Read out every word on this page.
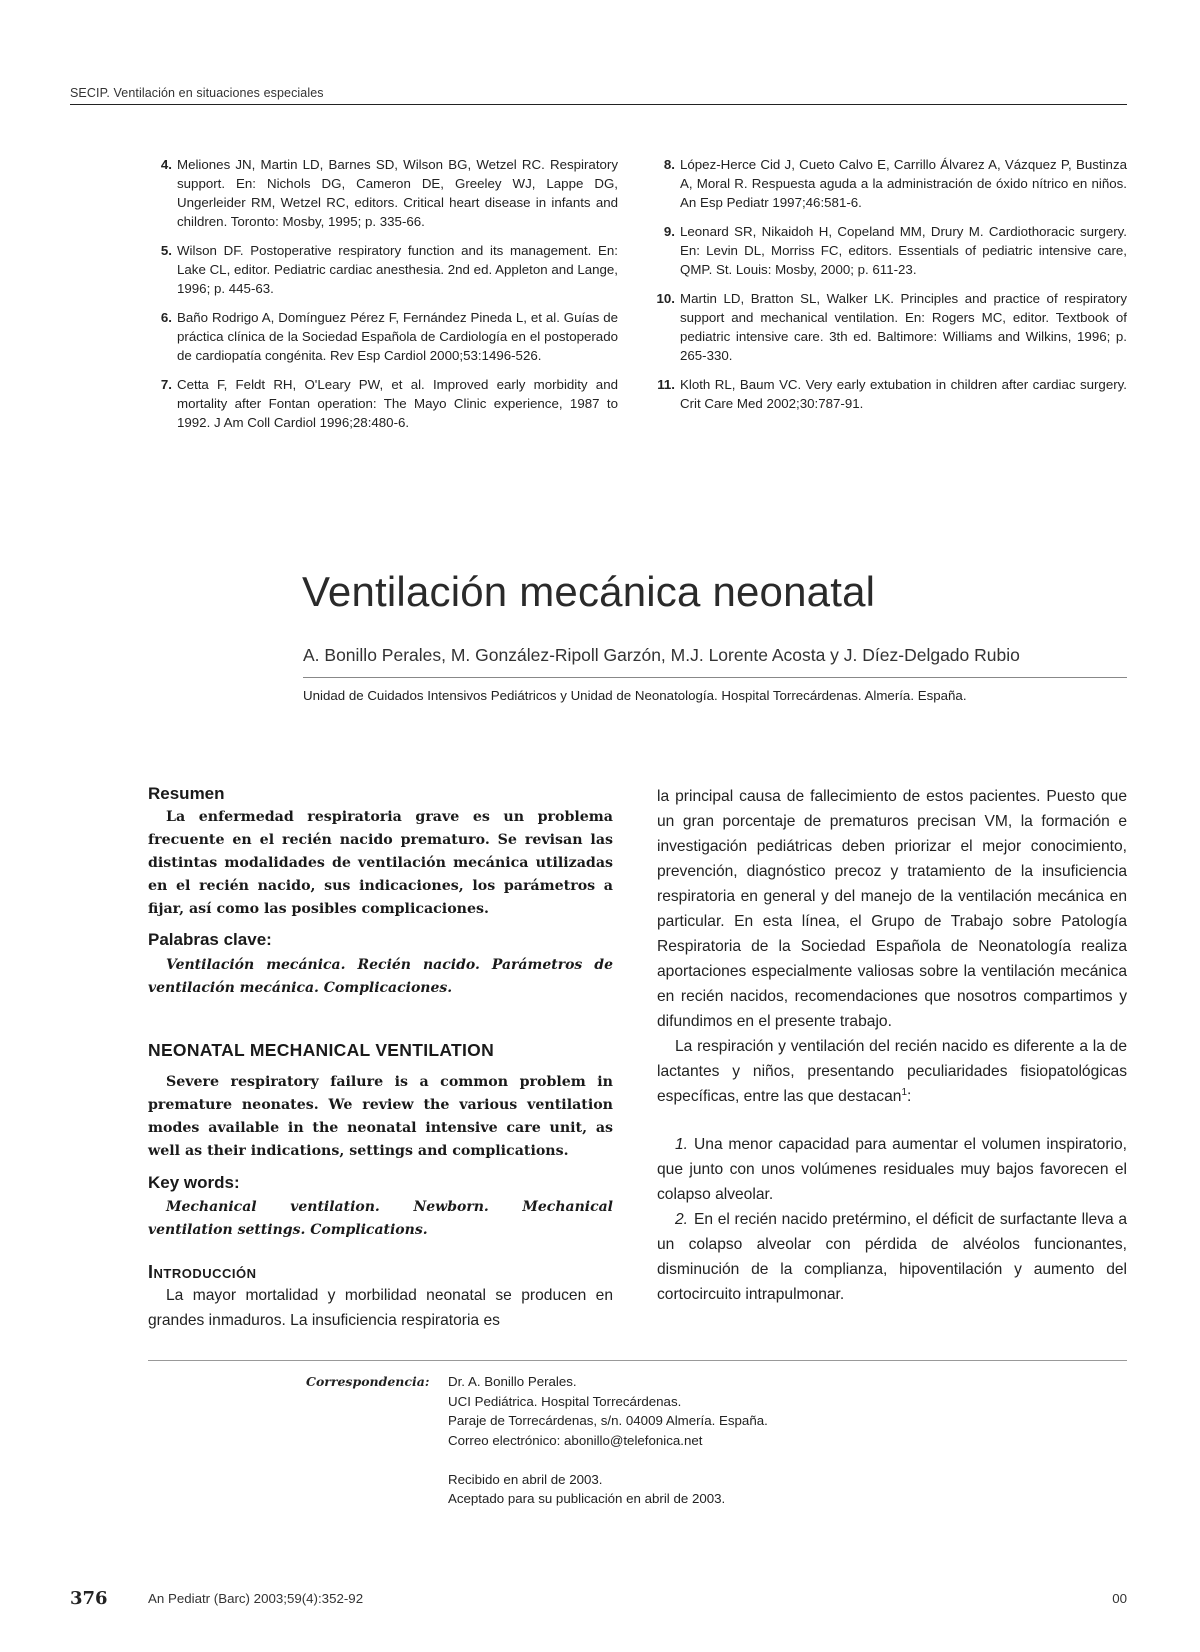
SECIP. Ventilación en situaciones especiales
4. Meliones JN, Martin LD, Barnes SD, Wilson BG, Wetzel RC. Respiratory support. En: Nichols DG, Cameron DE, Greeley WJ, Lappe DG, Ungerleider RM, Wetzel RC, editors. Critical heart disease in infants and children. Toronto: Mosby, 1995; p. 335-66.
5. Wilson DF. Postoperative respiratory function and its management. En: Lake CL, editor. Pediatric cardiac anesthesia. 2nd ed. Appleton and Lange, 1996; p. 445-63.
6. Baño Rodrigo A, Domínguez Pérez F, Fernández Pineda L, et al. Guías de práctica clínica de la Sociedad Española de Cardiología en el postoperado de cardiopatía congénita. Rev Esp Cardiol 2000;53:1496-526.
7. Cetta F, Feldt RH, O'Leary PW, et al. Improved early morbidity and mortality after Fontan operation: The Mayo Clinic experience, 1987 to 1992. J Am Coll Cardiol 1996;28:480-6.
8. López-Herce Cid J, Cueto Calvo E, Carrillo Álvarez A, Vázquez P, Bustinza A, Moral R. Respuesta aguda a la administración de óxido nítrico en niños. An Esp Pediatr 1997;46:581-6.
9. Leonard SR, Nikaidoh H, Copeland MM, Drury M. Cardiothoracic surgery. En: Levin DL, Morriss FC, editors. Essentials of pediatric intensive care, QMP. St. Louis: Mosby, 2000; p. 611-23.
10. Martin LD, Bratton SL, Walker LK. Principles and practice of respiratory support and mechanical ventilation. En: Rogers MC, editor. Textbook of pediatric intensive care. 3th ed. Baltimore: Williams and Wilkins, 1996; p. 265-330.
11. Kloth RL, Baum VC. Very early extubation in children after cardiac surgery. Crit Care Med 2002;30:787-91.
Ventilación mecánica neonatal
A. Bonillo Perales, M. González-Ripoll Garzón, M.J. Lorente Acosta y J. Díez-Delgado Rubio
Unidad de Cuidados Intensivos Pediátricos y Unidad de Neonatología. Hospital Torrecárdenas. Almería. España.
Resumen

La enfermedad respiratoria grave es un problema frecuente en el recién nacido prematuro. Se revisan las distintas modalidades de ventilación mecánica utilizadas en el recién nacido, sus indicaciones, los parámetros a fijar, así como las posibles complicaciones.

Palabras clave:

Ventilación mecánica. Recién nacido. Parámetros de ventilación mecánica. Complicaciones.

NEONATAL MECHANICAL VENTILATION

Severe respiratory failure is a common problem in premature neonates. We review the various ventilation modes available in the neonatal intensive care unit, as well as their indications, settings and complications.

Key words:

Mechanical ventilation. Newborn. Mechanical ventilation settings. Complications.

Introducción

La mayor mortalidad y morbilidad neonatal se producen en grandes inmaduros. La insuficiencia respiratoria es

la principal causa de fallecimiento de estos pacientes. Puesto que un gran porcentaje de prematuros precisan VM, la formación e investigación pediátricas deben priorizar el mejor conocimiento, prevención, diagnóstico precoz y tratamiento de la insuficiencia respiratoria en general y del manejo de la ventilación mecánica en particular. En esta línea, el Grupo de Trabajo sobre Patología Respiratoria de la Sociedad Española de Neonatología realiza aportaciones especialmente valiosas sobre la ventilación mecánica en recién nacidos, recomendaciones que nosotros compartimos y difundimos en el presente trabajo.

La respiración y ventilación del recién nacido es diferente a la de lactantes y niños, presentando peculiaridades fisiopatológicas específicas, entre las que destacan$^1$:

1. Una menor capacidad para aumentar el volumen inspiratorio, que junto con unos volúmenes residuales muy bajos favorecen el colapso alveolar.

2. En el recién nacido pretérmino, el déficit de surfactante lleva a un colapso alveolar con pérdida de alvéolos funcionantes, disminución de la complianza, hipoventilación y aumento del cortocircuito intrapulmonar.

Correspondencia: Dr. A. Bonillo Perales.
UCI Pediátrica. Hospital Torrecárdenas.
Paraje de Torrecárdenas, s/n. 04009 Almería. España.
Correo electrónico: abonillo@telefonica.net
Recibido en abril de 2003.
Aceptado para su publicación en abril de 2003.
376	An Pediatr (Barc) 2003;59(4):352-92	00
